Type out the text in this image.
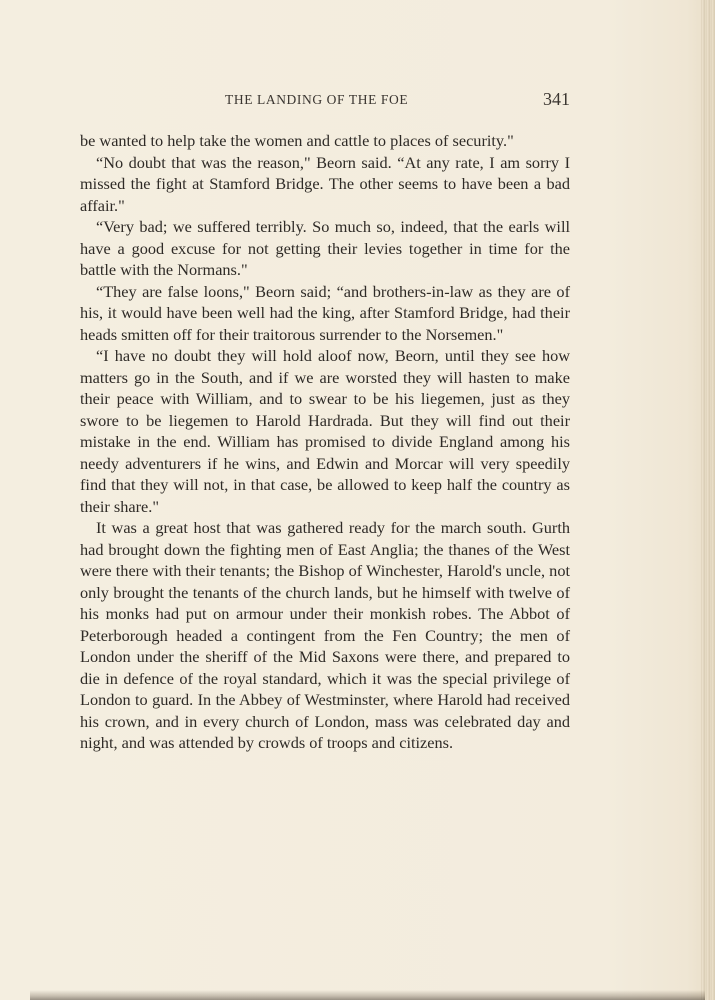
THE LANDING OF THE FOE	341

be wanted to help take the women and cattle to places of security."

“No doubt that was the reason," Beorn said. “At any rate, I am sorry I missed the fight at Stamford Bridge. The other seems to have been a bad affair."

“Very bad; we suffered terribly. So much so, indeed, that the earls will have a good excuse for not getting their levies together in time for the battle with the Normans."

“They are false loons," Beorn said; “and brothers-in-law as they are of his, it would have been well had the king, after Stamford Bridge, had their heads smitten off for their traitorous surrender to the Norsemen."

“I have no doubt they will hold aloof now, Beorn, until they see how matters go in the South, and if we are worsted they will hasten to make their peace with William, and to swear to be his liegemen, just as they swore to be liegemen to Harold Hardrada. But they will find out their mistake in the end. William has promised to divide England among his needy adventurers if he wins, and Edwin and Morcar will very speedily find that they will not, in that case, be allowed to keep half the country as their share."

It was a great host that was gathered ready for the march south. Gurth had brought down the fighting men of East Anglia; the thanes of the West were there with their tenants; the Bishop of Winchester, Harold's uncle, not only brought the tenants of the church lands, but he himself with twelve of his monks had put on armour under their monkish robes. The Abbot of Peterborough headed a contingent from the Fen Country; the men of London under the sheriff of the Mid Saxons were there, and prepared to die in defence of the royal standard, which it was the special privilege of London to guard. In the Abbey of Westminster, where Harold had received his crown, and in every church of London, mass was celebrated day and night, and was attended by crowds of troops and citizens.
